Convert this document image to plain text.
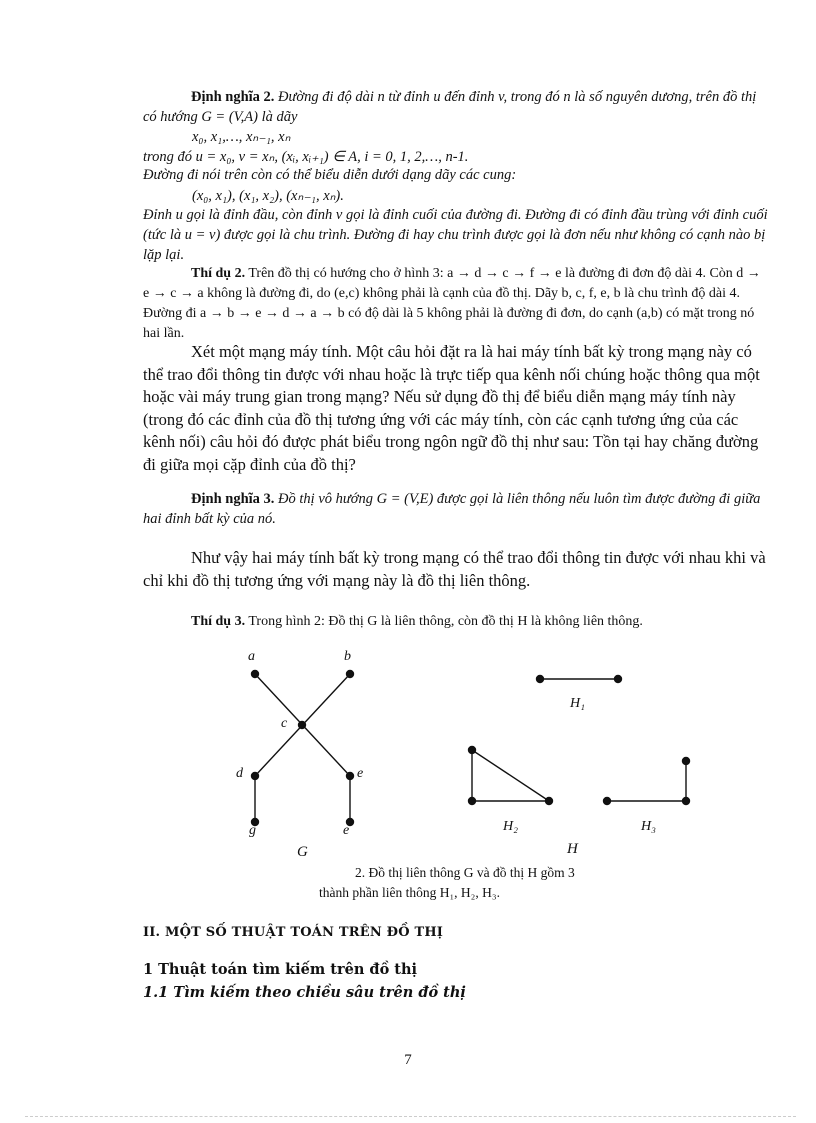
Định nghĩa 2. Đường đi độ dài n từ đỉnh u đến đỉnh v, trong đó n là số nguyên dương, trên đồ thị có hướng G = (V,A) là dãy

x₀, x₁,…, xₙ₋₁, xₙ

trong đó u = x₀, v = xₙ, (xᵢ, xᵢ₊₁) ∈ A, i = 0, 1, 2,…, n-1.

Đường đi nói trên còn có thể biểu diễn dưới dạng dãy các cung:

(x₀, x₁), (x₁, x₂), (xₙ₋₁, xₙ).

Đỉnh u gọi là đỉnh đầu, còn đỉnh v gọi là đỉnh cuối của đường đi. Đường đi có đỉnh đầu trùng với đỉnh cuối (tức là u = v) được gọi là chu trình. Đường đi hay chu trình được gọi là đơn nếu như không có cạnh nào bị lặp lại.

Thí dụ 2. Trên đồ thị có hướng cho ở hình 3: a → d → c → f → e là đường đi đơn độ dài 4. Còn d → e → c → a không là đường đi, do (e,c) không phải là cạnh của đồ thị. Dãy b, c, f, e, b là chu trình độ dài 4. Đường đi a → b → e → d → a → b có độ dài là 5 không phải là đường đi đơn, do cạnh (a,b) có mặt trong nó hai lần.

Xét một mạng máy tính. Một câu hỏi đặt ra là hai máy tính bất kỳ trong mạng này có thể trao đổi thông tin được với nhau hoặc là trực tiếp qua kênh nối chúng hoặc thông qua một hoặc vài máy trung gian trong mạng? Nếu sử dụng đồ thị để biểu diễn mạng máy tính này (trong đó các đỉnh của đồ thị tương ứng với các máy tính, còn các cạnh tương ứng của các kênh nối) câu hỏi đó được phát biểu trong ngôn ngữ đồ thị như sau: Tồn tại hay chăng đường đi giữa mọi cặp đỉnh của đồ thị?

Định nghĩa 3. Đồ thị vô hướng G = (V,E) được gọi là liên thông nếu luôn tìm được đường đi giữa hai đỉnh bất kỳ của nó.

Như vậy hai máy tính bất kỳ trong mạng có thể trao đổi thông tin được với nhau khi và chỉ khi đồ thị tương ứng với mạng này là đồ thị liên thông.

Thí dụ 3. Trong hình 2: Đồ thị G là liên thông, còn đồ thị H là không liên thông.

a	b
c
d	e
g	e
G
H₁
H₂	H₃
H
2. Đồ thị liên thông G và đồ thị H gồm 3
thành phần liên thông H₁, H₂, H₃.
II. MỘT SỐ THUẬT TOÁN TRÊN ĐỒ THỊ
1 Thuật toán tìm kiếm trên đồ thị
1.1 Tìm kiếm theo chiều sâu trên đồ thị
7
